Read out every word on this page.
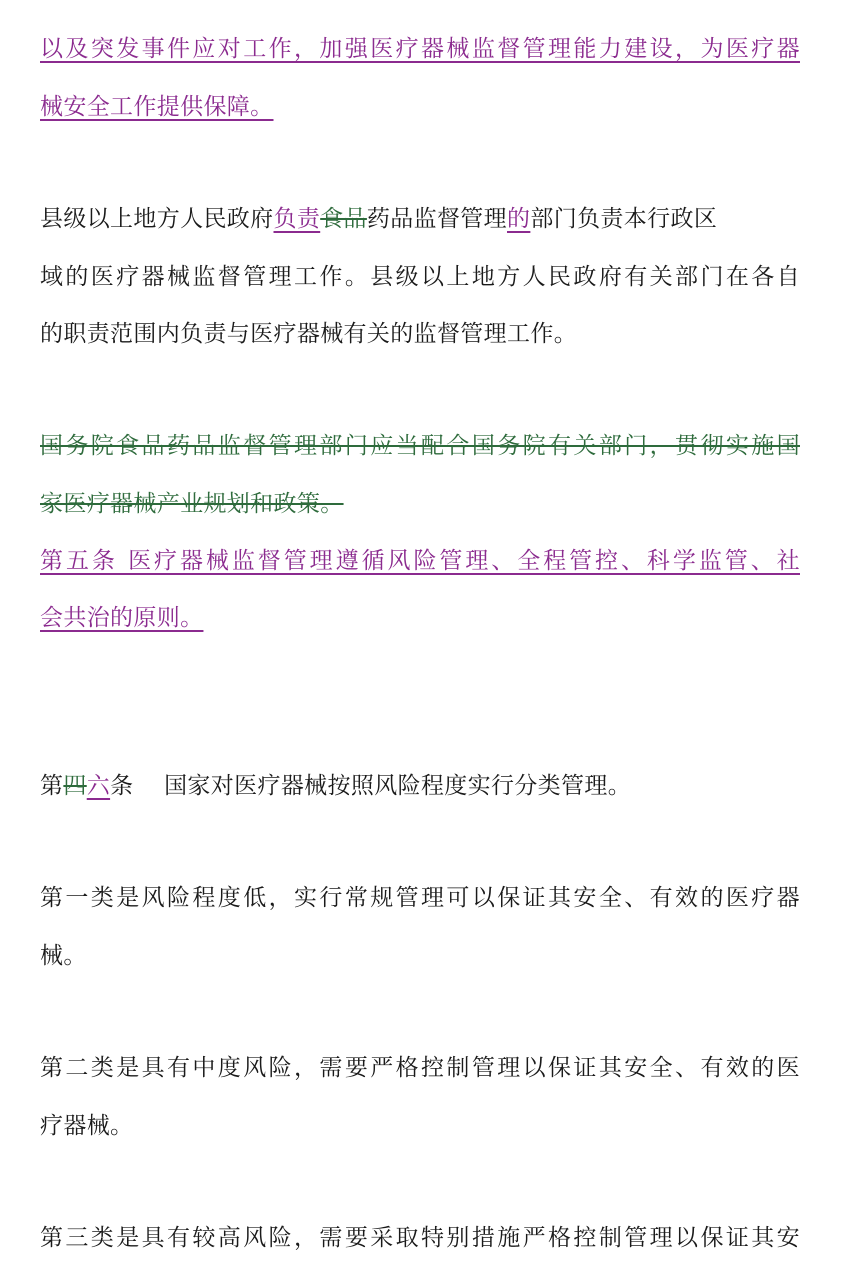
以及突发事件应对工作，加强医疗器械监督管理能力建设，为医疗器
械安全工作提供保障。
县级以上地方人民政府负责食品药品监督管理的部门负责本行政区
域的医疗器械监督管理工作。县级以上地方人民政府有关部门在各自
的职责范围内负责与医疗器械有关的监督管理工作。
国务院食品药品监督管理部门应当配合国务院有关部门，贯彻实施国
家医疗器械产业规划和政策。
第五条 医疗器械监督管理遵循风险管理、全程管控、科学监管、社
会共治的原则。
第四六条    国家对医疗器械按照风险程度实行分类管理。
第一类是风险程度低，实行常规管理可以保证其安全、有效的医疗器
械。
第二类是具有中度风险，需要严格控制管理以保证其安全、有效的医
疗器械。
第三类是具有较高风险，需要采取特别措施严格控制管理以保证其安
